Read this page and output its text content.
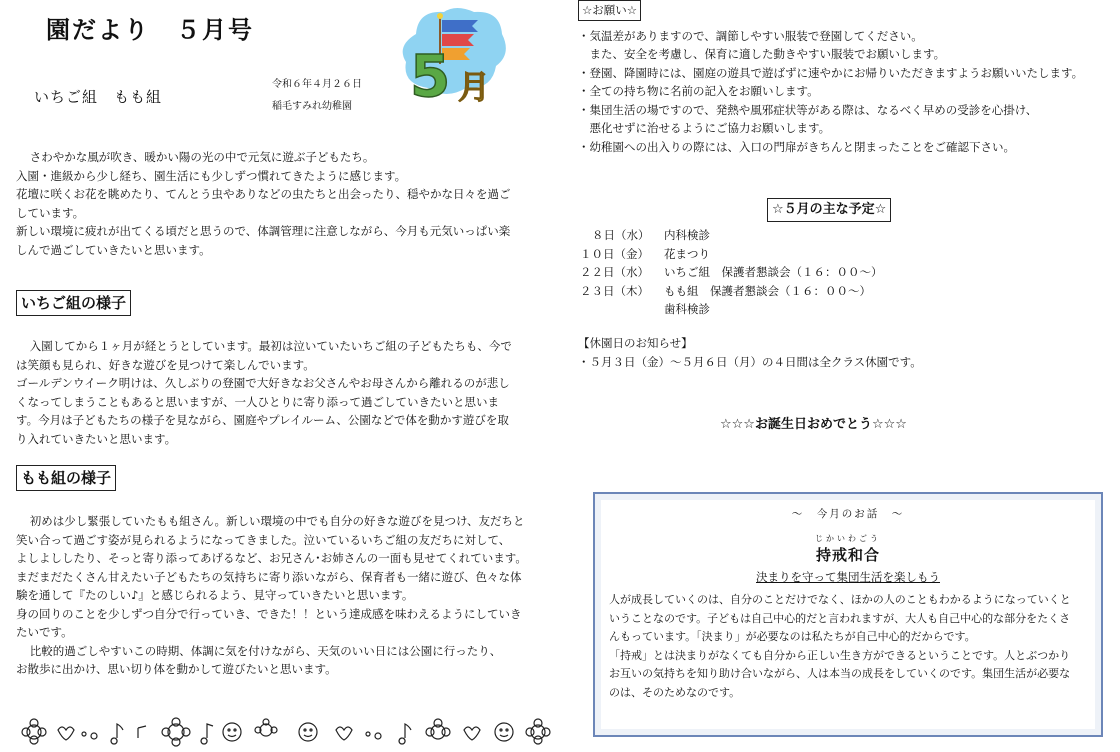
園だより　５月号
いちご組　もも組
令和６年４月２６日
稲毛すみれ幼稚園 5 月

さわやかな風が吹き、暖かい陽の光の中で元気に遊ぶ子どもたち。

入園・進級から少し経ち、園生活にも少しずつ慣れてきたように感じます。

花壇に咲くお花を眺めたり、てんとう虫やありなどの虫たちと出会ったり、穏やかな日々を過ご

しています。

新しい環境に疲れが出てくる頃だと思うので、体調管理に注意しながら、今月も元気いっぱい楽

しんで過ごしていきたいと思います。

いちご組の様子

入園してから１ヶ月が経とうとしています。最初は泣いていたいちご組の子どもたちも、今で

は笑顔も見られ、好きな遊びを見つけて楽しんでいます。

ゴールデンウイーク明けは、久しぶりの登園で大好きなお父さんやお母さんから離れるのが悲し

くなってしまうこともあると思いますが、一人ひとりに寄り添って過ごしていきたいと思いま

す。今月は子どもたちの様子を見ながら、園庭やプレイルーム、公園などで体を動かす遊びを取

り入れていきたいと思います。

もも組の様子

初めは少し緊張していたもも組さん。新しい環境の中でも自分の好きな遊びを見つけ、友だちと

笑い合って過ごす姿が見られるようになってきました。泣いているいちご組の友だちに対して、

よしよししたり、そっと寄り添ってあげるなど、お兄さん･お姉さんの一面も見せてくれています。

まだまだたくさん甘えたい子どもたちの気持ちに寄り添いながら、保育者も一緒に遊び、色々な体

験を通して『たのしい♪』と感じられるよう、見守っていきたいと思います。

身の回りのことを少しずつ自分で行っていき、できた！！という達成感を味わえるようにしていき

たいです。

比較的過ごしやすいこの時期、体調に気を付けながら、天気のいい日には公園に行ったり、

お散歩に出かけ、思い切り体を動かして遊びたいと思います。

☆お願い☆

・気温差がありますので、調節しやすい服装で登園してください。

　また、安全を考慮し、保育に適した動きやすい服装でお願いします。

・登園、降園時には、園庭の遊具で遊ばずに速やかにお帰りいただきますようお願いいたします。

・全ての持ち物に名前の記入をお願いします。

・集団生活の場ですので、発熱や風邪症状等がある際は、なるべく早めの受診を心掛け、

　悪化せずに治せるようにご協力お願いします。

・幼稚園への出入りの際には、入口の門扉がきちんと閉まったことをご確認下さい。

☆５月の主な予定☆
８日（水）	内科検診
１０日（金）	花まつり
２２日（水）	いちご組　保護者懇談会（１６：００～）
２３日（木）	もも組　保護者懇談会（１６：００～）
歯科検診

【休園日のお知らせ】

・５月３日（金）～５月６日（月）の４日間は全クラス休園です。

☆☆☆お誕生日おめでとう☆☆☆
～　今月のお話　～
じかいわごう
持戒和合
決まりを守って集団生活を楽しもう

人が成長していくのは、自分のことだけでなく、ほかの人のこともわかるようになっていくと

いうことなのです。子どもは自己中心的だと言われますが、大人も自己中心的な部分をたくさ

んもっています。「決まり」が必要なのは私たちが自己中心的だからです。

「持戒」とは決まりがなくても自分から正しい生き方ができるということです。人とぶつかり

お互いの気持ちを知り助け合いながら、人は本当の成長をしていくのです。集団生活が必要な

のは、そのためなのです。
